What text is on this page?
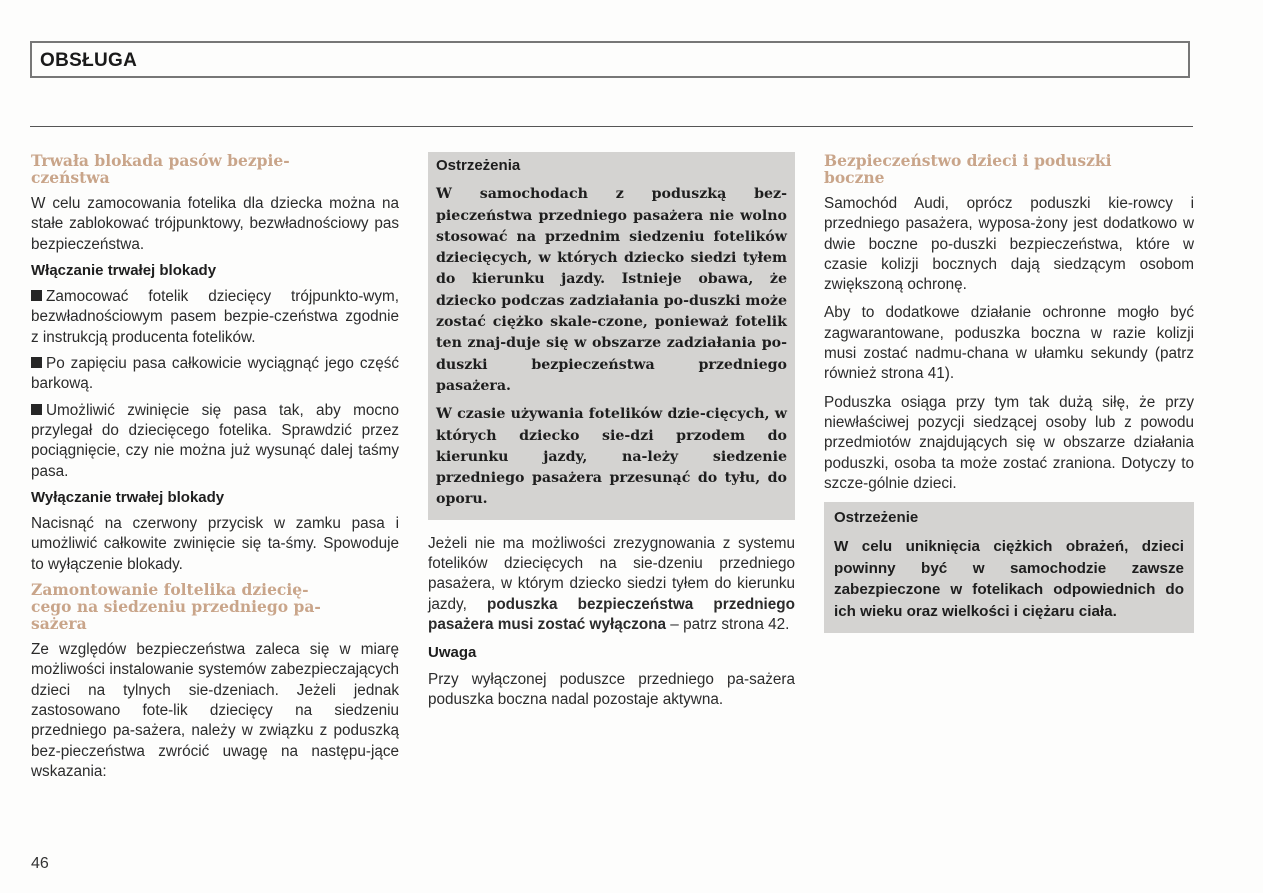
OBSŁUGA

Trwała blokada pasów bezpie-
czeństwa

W celu zamocowania fotelika dla dziecka można na stałe zablokować trójpunktowy, bezwładnościowy pas bezpieczeństwa.

Włączanie trwałej blokady

Zamocować fotelik dziecięcy trójpunkto-wym, bezwładnościowym pasem bezpie-czeństwa zgodnie z instrukcją producenta fotelików.

Po zapięciu pasa całkowicie wyciągnąć jego część barkową.

Umożliwić zwinięcie się pasa tak, aby mocno przylegał do dziecięcego fotelika. Sprawdzić przez pociągnięcie, czy nie można już wysunąć dalej taśmy pasa.

Wyłączanie trwałej blokady

Nacisnąć na czerwony przycisk w zamku pasa i umożliwić całkowite zwinięcie się ta-śmy. Spowoduje to wyłączenie blokady.

Zamontowanie foltelika dziecię-
cego na siedzeniu przedniego pa-
sażera

Ze względów bezpieczeństwa zaleca się w miarę możliwości instalowanie systemów zabezpieczających dzieci na tylnych sie-dzeniach. Jeżeli jednak zastosowano fote-lik dziecięcy na siedzeniu przedniego pa-sażera, należy w związku z poduszką bez-pieczeństwa zwrócić uwagę na następu-jące wskazania:

Ostrzeżenia

W samochodach z poduszką bez-pieczeństwa przedniego pasażera nie wolno stosować na przednim siedzeniu fotelików dziecięcych, w których dziecko siedzi tyłem do kierunku jazdy. Istnieje obawa, że dziecko podczas zadziałania po-duszki może zostać ciężko skale-czone, ponieważ fotelik ten znaj-duje się w obszarze zadziałania po-duszki bezpieczeństwa przedniego pasażera.

W czasie używania fotelików dzie-cięcych, w których dziecko sie-dzi przodem do kierunku jazdy, na-leży siedzenie przedniego pasażera przesunąć do tyłu, do oporu.

Jeżeli nie ma możliwości zrezygnowania z systemu fotelików dziecięcych na sie-dzeniu przedniego pasażera, w którym dziecko siedzi tyłem do kierunku jazdy, poduszka bezpieczeństwa przedniego pasażera musi zostać wyłączona – patrz strona 42.

Uwaga

Przy wyłączonej poduszce przedniego pa-sażera poduszka boczna nadal pozostaje aktywna.

Bezpieczeństwo dzieci i poduszki
boczne

Samochód Audi, oprócz poduszki kie-rowcy i przedniego pasażera, wyposa-żony jest dodatkowo w dwie boczne po-duszki bezpieczeństwa, które w czasie kolizji bocznych dają siedzącym osobom zwiększoną ochronę.

Aby to dodatkowe działanie ochronne mogło być zagwarantowane, poduszka boczna w razie kolizji musi zostać nadmu-chana w ułamku sekundy (patrz również strona 41).

Poduszka osiąga przy tym tak dużą siłę, że przy niewłaściwej pozycji siedzącej osoby lub z powodu przedmiotów znajdujących się w obszarze działania poduszki, osoba ta może zostać zraniona. Dotyczy to szcze-gólnie dzieci.

Ostrzeżenie

W celu uniknięcia ciężkich obrażeń, dzieci powinny być w samochodzie zawsze zabezpieczone w fotelikach odpowiednich do ich wieku oraz wielkości i ciężaru ciała.

46
